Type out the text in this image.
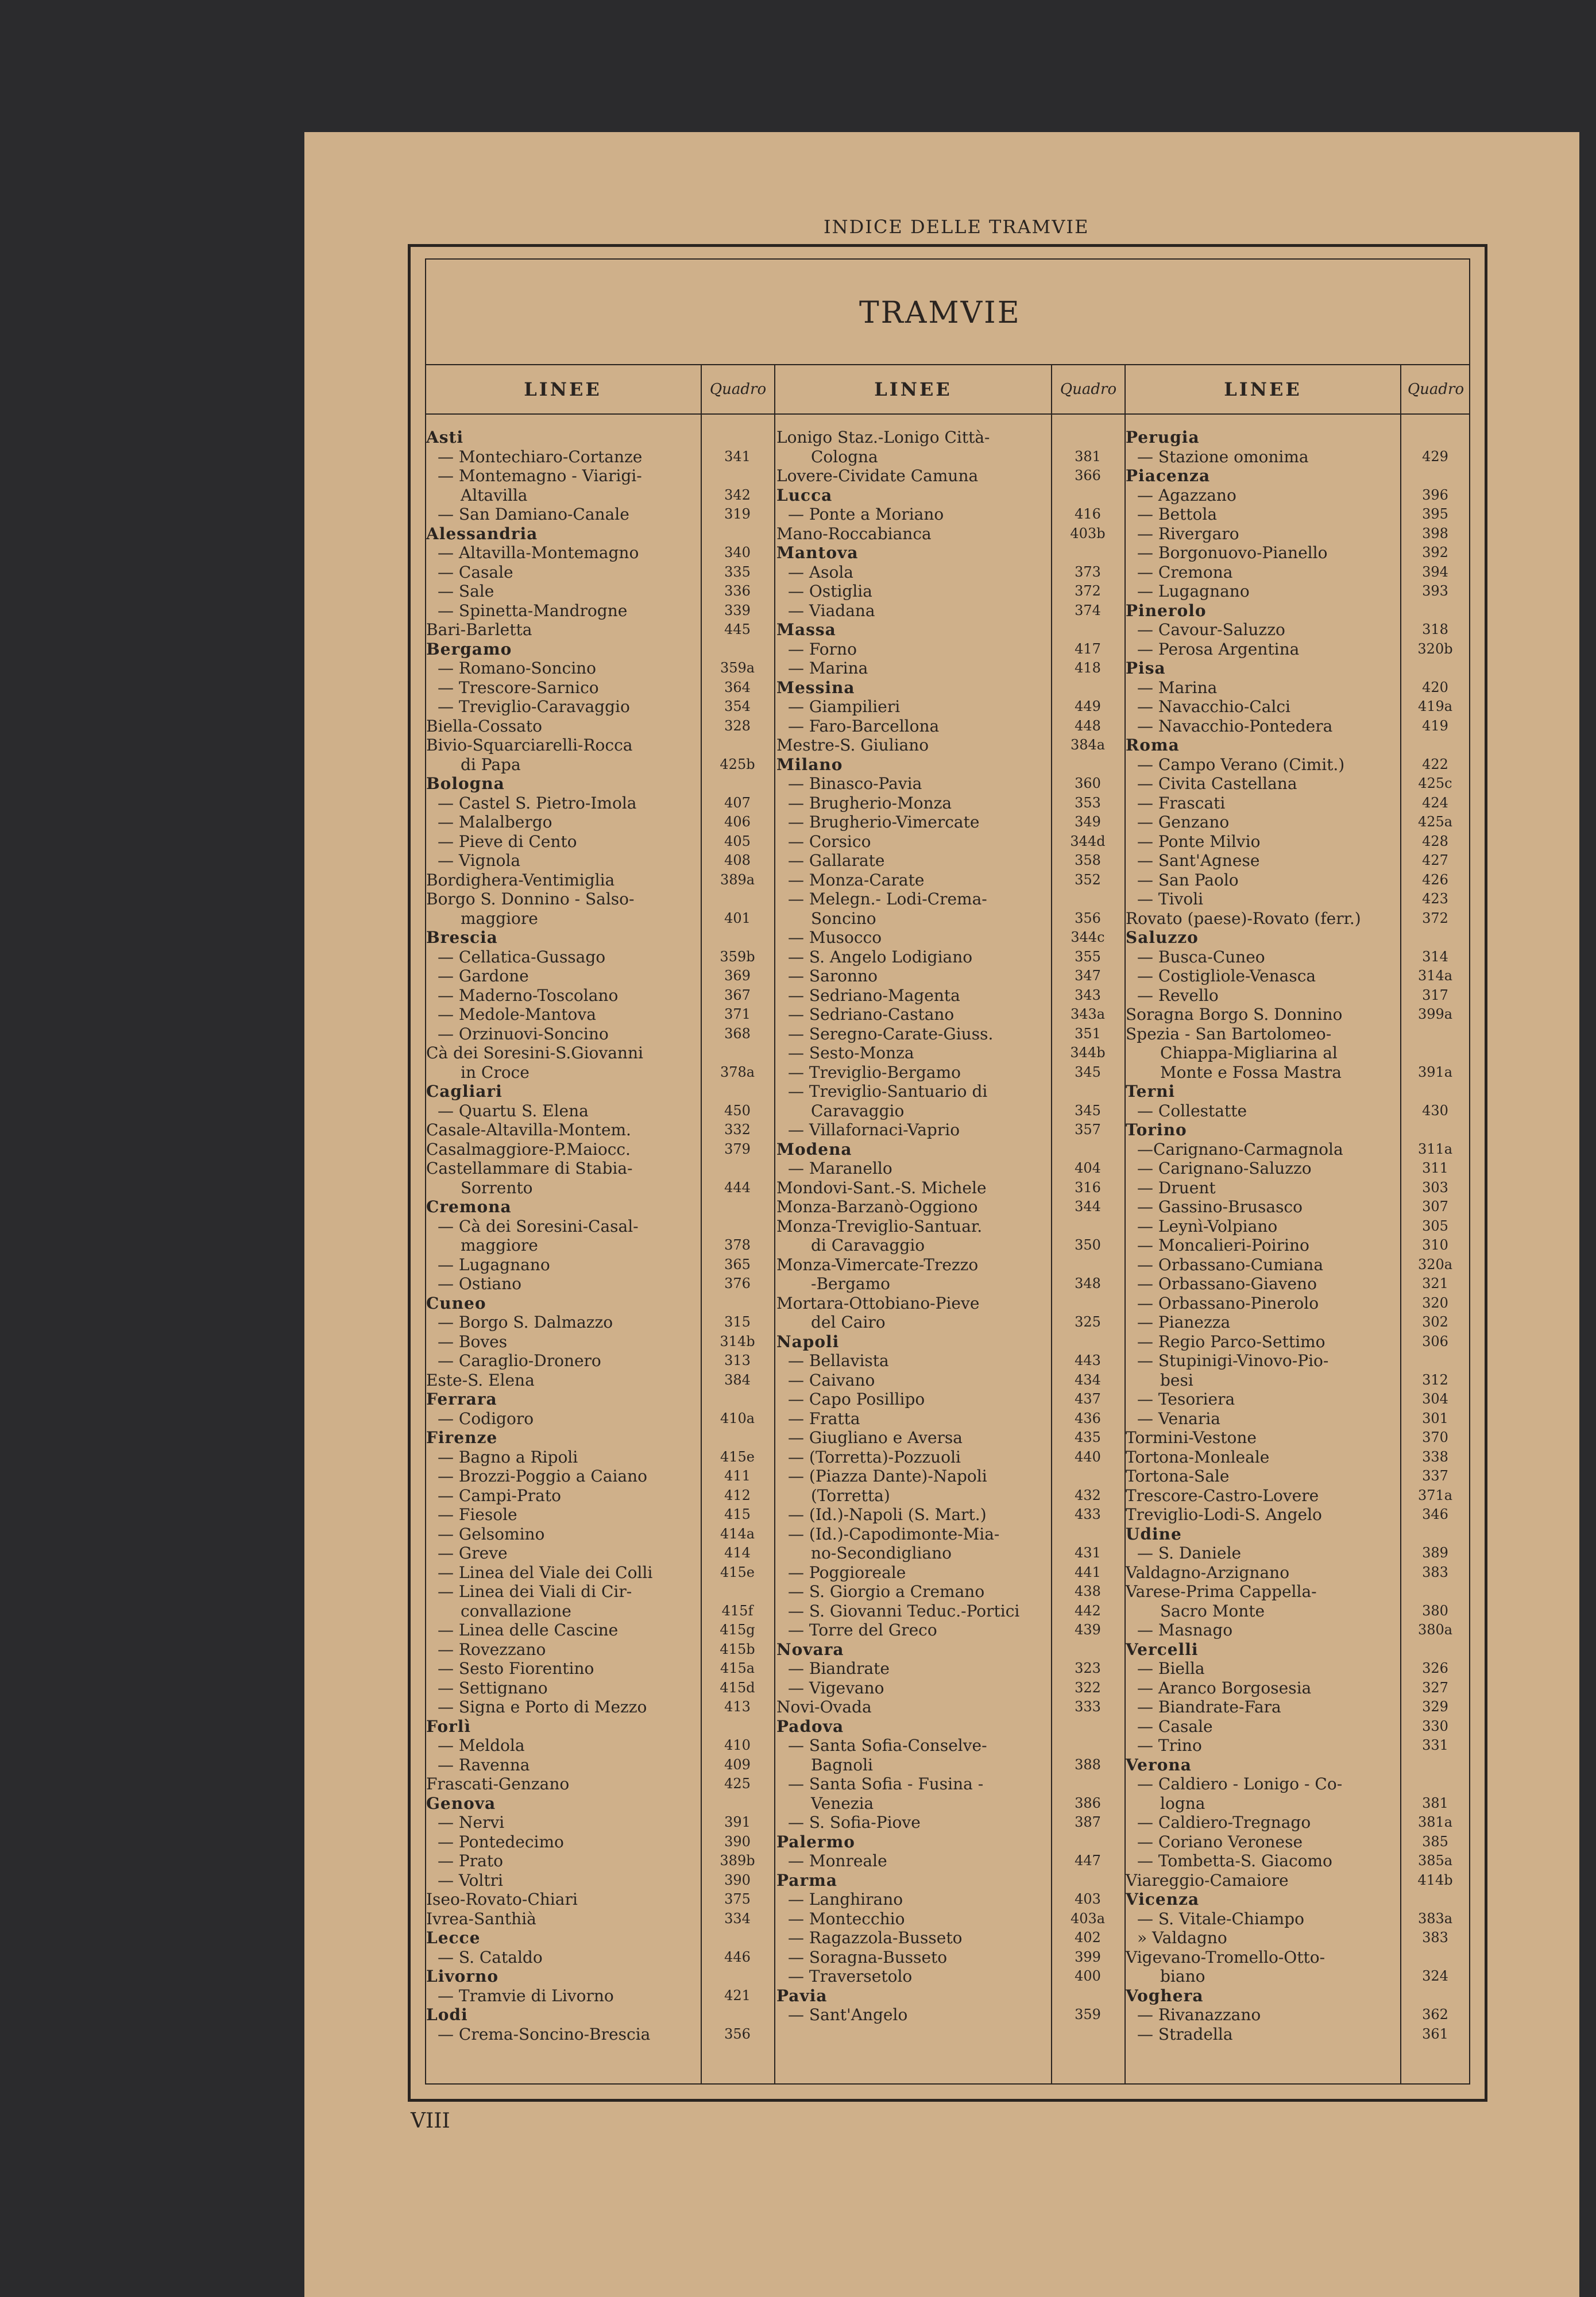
INDICE DELLE TRAMVIE
TRAMVIE
LINEE	Quadro	LINEE	Quadro	LINEE	Quadro
Asti
— Montechiaro-Cortanze	341
— Montemagno - Viarigi-
Altavilla	342
— San Damiano-Canale	319
Alessandria
— Altavilla-Montemagno	340
— Casale	335
— Sale	336
— Spinetta-Mandrogne	339
Bari-Barletta	445
Bergamo
— Romano-Soncino	359a
— Trescore-Sarnico	364
— Treviglio-Caravaggio	354
Biella-Cossato	328
Bivio-Squarciarelli-Rocca
di Papa	425b
Bologna
— Castel S. Pietro-Imola	407
— Malalbergo	406
— Pieve di Cento	405
— Vignola	408
Bordighera-Ventimiglia	389a
Borgo S. Donnino - Salso-
maggiore	401
Brescia
— Cellatica-Gussago	359b
— Gardone	369
— Maderno-Toscolano	367
— Medole-Mantova	371
— Orzinuovi-Soncino	368
Cà dei Soresini-S.Giovanni
in Croce	378a
Cagliari
— Quartu S. Elena	450
Casale-Altavilla-Montem.	332
Casalmaggiore-P.Maiocc.	379
Castellammare di Stabia-
Sorrento	444
Cremona
— Cà dei Soresini-Casal-
maggiore	378
— Lugagnano	365
— Ostiano	376
Cuneo
— Borgo S. Dalmazzo	315
— Boves	314b
— Caraglio-Dronero	313
Este-S. Elena	384
Ferrara
— Codigoro	410a
Firenze
— Bagno a Ripoli	415e
— Brozzi-Poggio a Caiano	411
— Campi-Prato	412
— Fiesole	415
— Gelsomino	414a
— Greve	414
— Linea del Viale dei Colli	415e
— Linea dei Viali di Cir-
convallazione	415f
— Linea delle Cascine	415g
— Rovezzano	415b
— Sesto Fiorentino	415a
— Settignano	415d
— Signa e Porto di Mezzo	413
Forlì
— Meldola	410
— Ravenna	409
Frascati-Genzano	425
Genova
— Nervi	391
— Pontedecimo	390
— Prato	389b
— Voltri	390
Iseo-Rovato-Chiari	375
Ivrea-Santhià	334
Lecce
— S. Cataldo	446
Livorno
— Tramvie di Livorno	421
Lodi
— Crema-Soncino-Brescia	356
Lonigo Staz.-Lonigo Città-
Cologna	381
Lovere-Cividate Camuna	366
Lucca
— Ponte a Moriano	416
Mano-Roccabianca	403b
Mantova
— Asola	373
— Ostiglia	372
— Viadana	374
Massa
— Forno	417
— Marina	418
Messina
— Giampilieri	449
— Faro-Barcellona	448
Mestre-S. Giuliano	384a
Milano
— Binasco-Pavia	360
— Brugherio-Monza	353
— Brugherio-Vimercate	349
— Corsico	344d
— Gallarate	358
— Monza-Carate	352
— Melegn.- Lodi-Crema-
Soncino	356
— Musocco	344c
— S. Angelo Lodigiano	355
— Saronno	347
— Sedriano-Magenta	343
— Sedriano-Castano	343a
— Seregno-Carate-Giuss.	351
— Sesto-Monza	344b
— Treviglio-Bergamo	345
— Treviglio-Santuario di
Caravaggio	345
— Villafornaci-Vaprio	357
Modena
— Maranello	404
Mondovi-Sant.-S. Michele	316
Monza-Barzanò-Oggiono	344
Monza-Treviglio-Santuar.
di Caravaggio	350
Monza-Vimercate-Trezzo
-Bergamo	348
Mortara-Ottobiano-Pieve
del Cairo	325
Napoli
— Bellavista	443
— Caivano	434
— Capo Posillipo	437
— Fratta	436
— Giugliano e Aversa	435
— (Torretta)-Pozzuoli	440
— (Piazza Dante)-Napoli
(Torretta)	432
— (Id.)-Napoli (S. Mart.)	433
— (Id.)-Capodimonte-Mia-
no-Secondigliano	431
— Poggioreale	441
— S. Giorgio a Cremano	438
— S. Giovanni Teduc.-Portici	442
— Torre del Greco	439
Novara
— Biandrate	323
— Vigevano	322
Novi-Ovada	333
Padova
— Santa Sofia-Conselve-
Bagnoli	388
— Santa Sofia - Fusina -
Venezia	386
— S. Sofia-Piove	387
Palermo
— Monreale	447
Parma
— Langhirano	403
— Montecchio	403a
— Ragazzola-Busseto	402
— Soragna-Busseto	399
— Traversetolo	400
Pavia
— Sant'Angelo	359
Perugia
— Stazione omonima	429
Piacenza
— Agazzano	396
— Bettola	395
— Rivergaro	398
— Borgonuovo-Pianello	392
— Cremona	394
— Lugagnano	393
Pinerolo
— Cavour-Saluzzo	318
— Perosa Argentina	320b
Pisa
— Marina	420
— Navacchio-Calci	419a
— Navacchio-Pontedera	419
Roma
— Campo Verano (Cimit.)	422
— Civita Castellana	425c
— Frascati	424
— Genzano	425a
— Ponte Milvio	428
— Sant'Agnese	427
— San Paolo	426
— Tivoli	423
Rovato (paese)-Rovato (ferr.)	372
Saluzzo
— Busca-Cuneo	314
— Costigliole-Venasca	314a
— Revello	317
Soragna Borgo S. Donnino	399a
Spezia - San Bartolomeo-
Chiappa-Migliarina al
Monte e Fossa Mastra	391a
Terni
— Collestatte	430
Torino
—Carignano-Carmagnola	311a
— Carignano-Saluzzo	311
— Druent	303
— Gassino-Brusasco	307
— Leynì-Volpiano	305
— Moncalieri-Poirino	310
— Orbassano-Cumiana	320a
— Orbassano-Giaveno	321
— Orbassano-Pinerolo	320
— Pianezza	302
— Regio Parco-Settimo	306
— Stupinigi-Vinovo-Pio-
besi	312
— Tesoriera	304
— Venaria	301
Tormini-Vestone	370
Tortona-Monleale	338
Tortona-Sale	337
Trescore-Castro-Lovere	371a
Treviglio-Lodi-S. Angelo	346
Udine
— S. Daniele	389
Valdagno-Arzignano	383
Varese-Prima Cappella-
Sacro Monte	380
— Masnago	380a
Vercelli
— Biella	326
— Aranco Borgosesia	327
— Biandrate-Fara	329
— Casale	330
— Trino	331
Verona
— Caldiero - Lonigo - Co-
logna	381
— Caldiero-Tregnago	381a
— Coriano Veronese	385
— Tombetta-S. Giacomo	385a
Viareggio-Camaiore	414b
Vicenza
— S. Vitale-Chiampo	383a
» Valdagno	383
Vigevano-Tromello-Otto-
biano	324
Voghera
— Rivanazzano	362
— Stradella	361
VIII
